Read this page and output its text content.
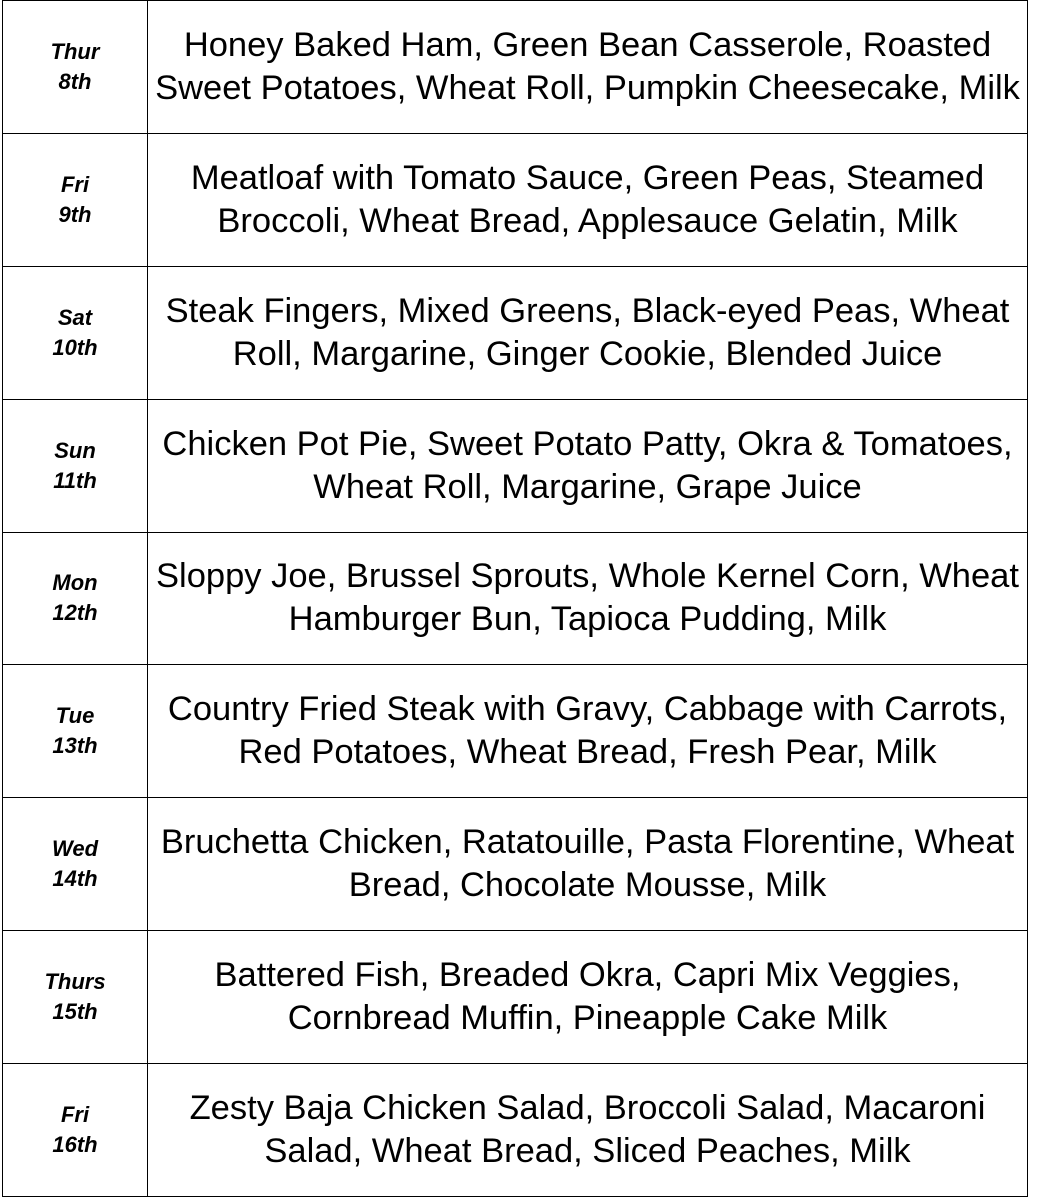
Thur
8th	Honey Baked Ham, Green Bean Casserole, Roasted Sweet Potatoes, Wheat Roll, Pumpkin Cheesecake, Milk

Fri
9th	Meatloaf with Tomato Sauce, Green Peas, Steamed Broccoli, Wheat Bread, Applesauce Gelatin, Milk

Sat
10th	Steak Fingers, Mixed Greens, Black-eyed Peas, Wheat Roll, Margarine, Ginger Cookie, Blended Juice

Sun
11th	Chicken Pot Pie, Sweet Potato Patty, Okra & Tomatoes, Wheat Roll, Margarine, Grape Juice

Mon
12th	Sloppy Joe, Brussel Sprouts, Whole Kernel Corn, Wheat Hamburger Bun, Tapioca Pudding, Milk

Tue
13th	Country Fried Steak with Gravy, Cabbage with Carrots, Red Potatoes, Wheat Bread, Fresh Pear, Milk

Wed
14th	Bruchetta Chicken, Ratatouille, Pasta Florentine, Wheat Bread, Chocolate Mousse, Milk

Thurs
15th	Battered Fish, Breaded Okra, Capri Mix Veggies, Cornbread Muffin, Pineapple Cake Milk

Fri
16th	Zesty Baja Chicken Salad, Broccoli Salad, Macaroni Salad, Wheat Bread, Sliced Peaches, Milk
